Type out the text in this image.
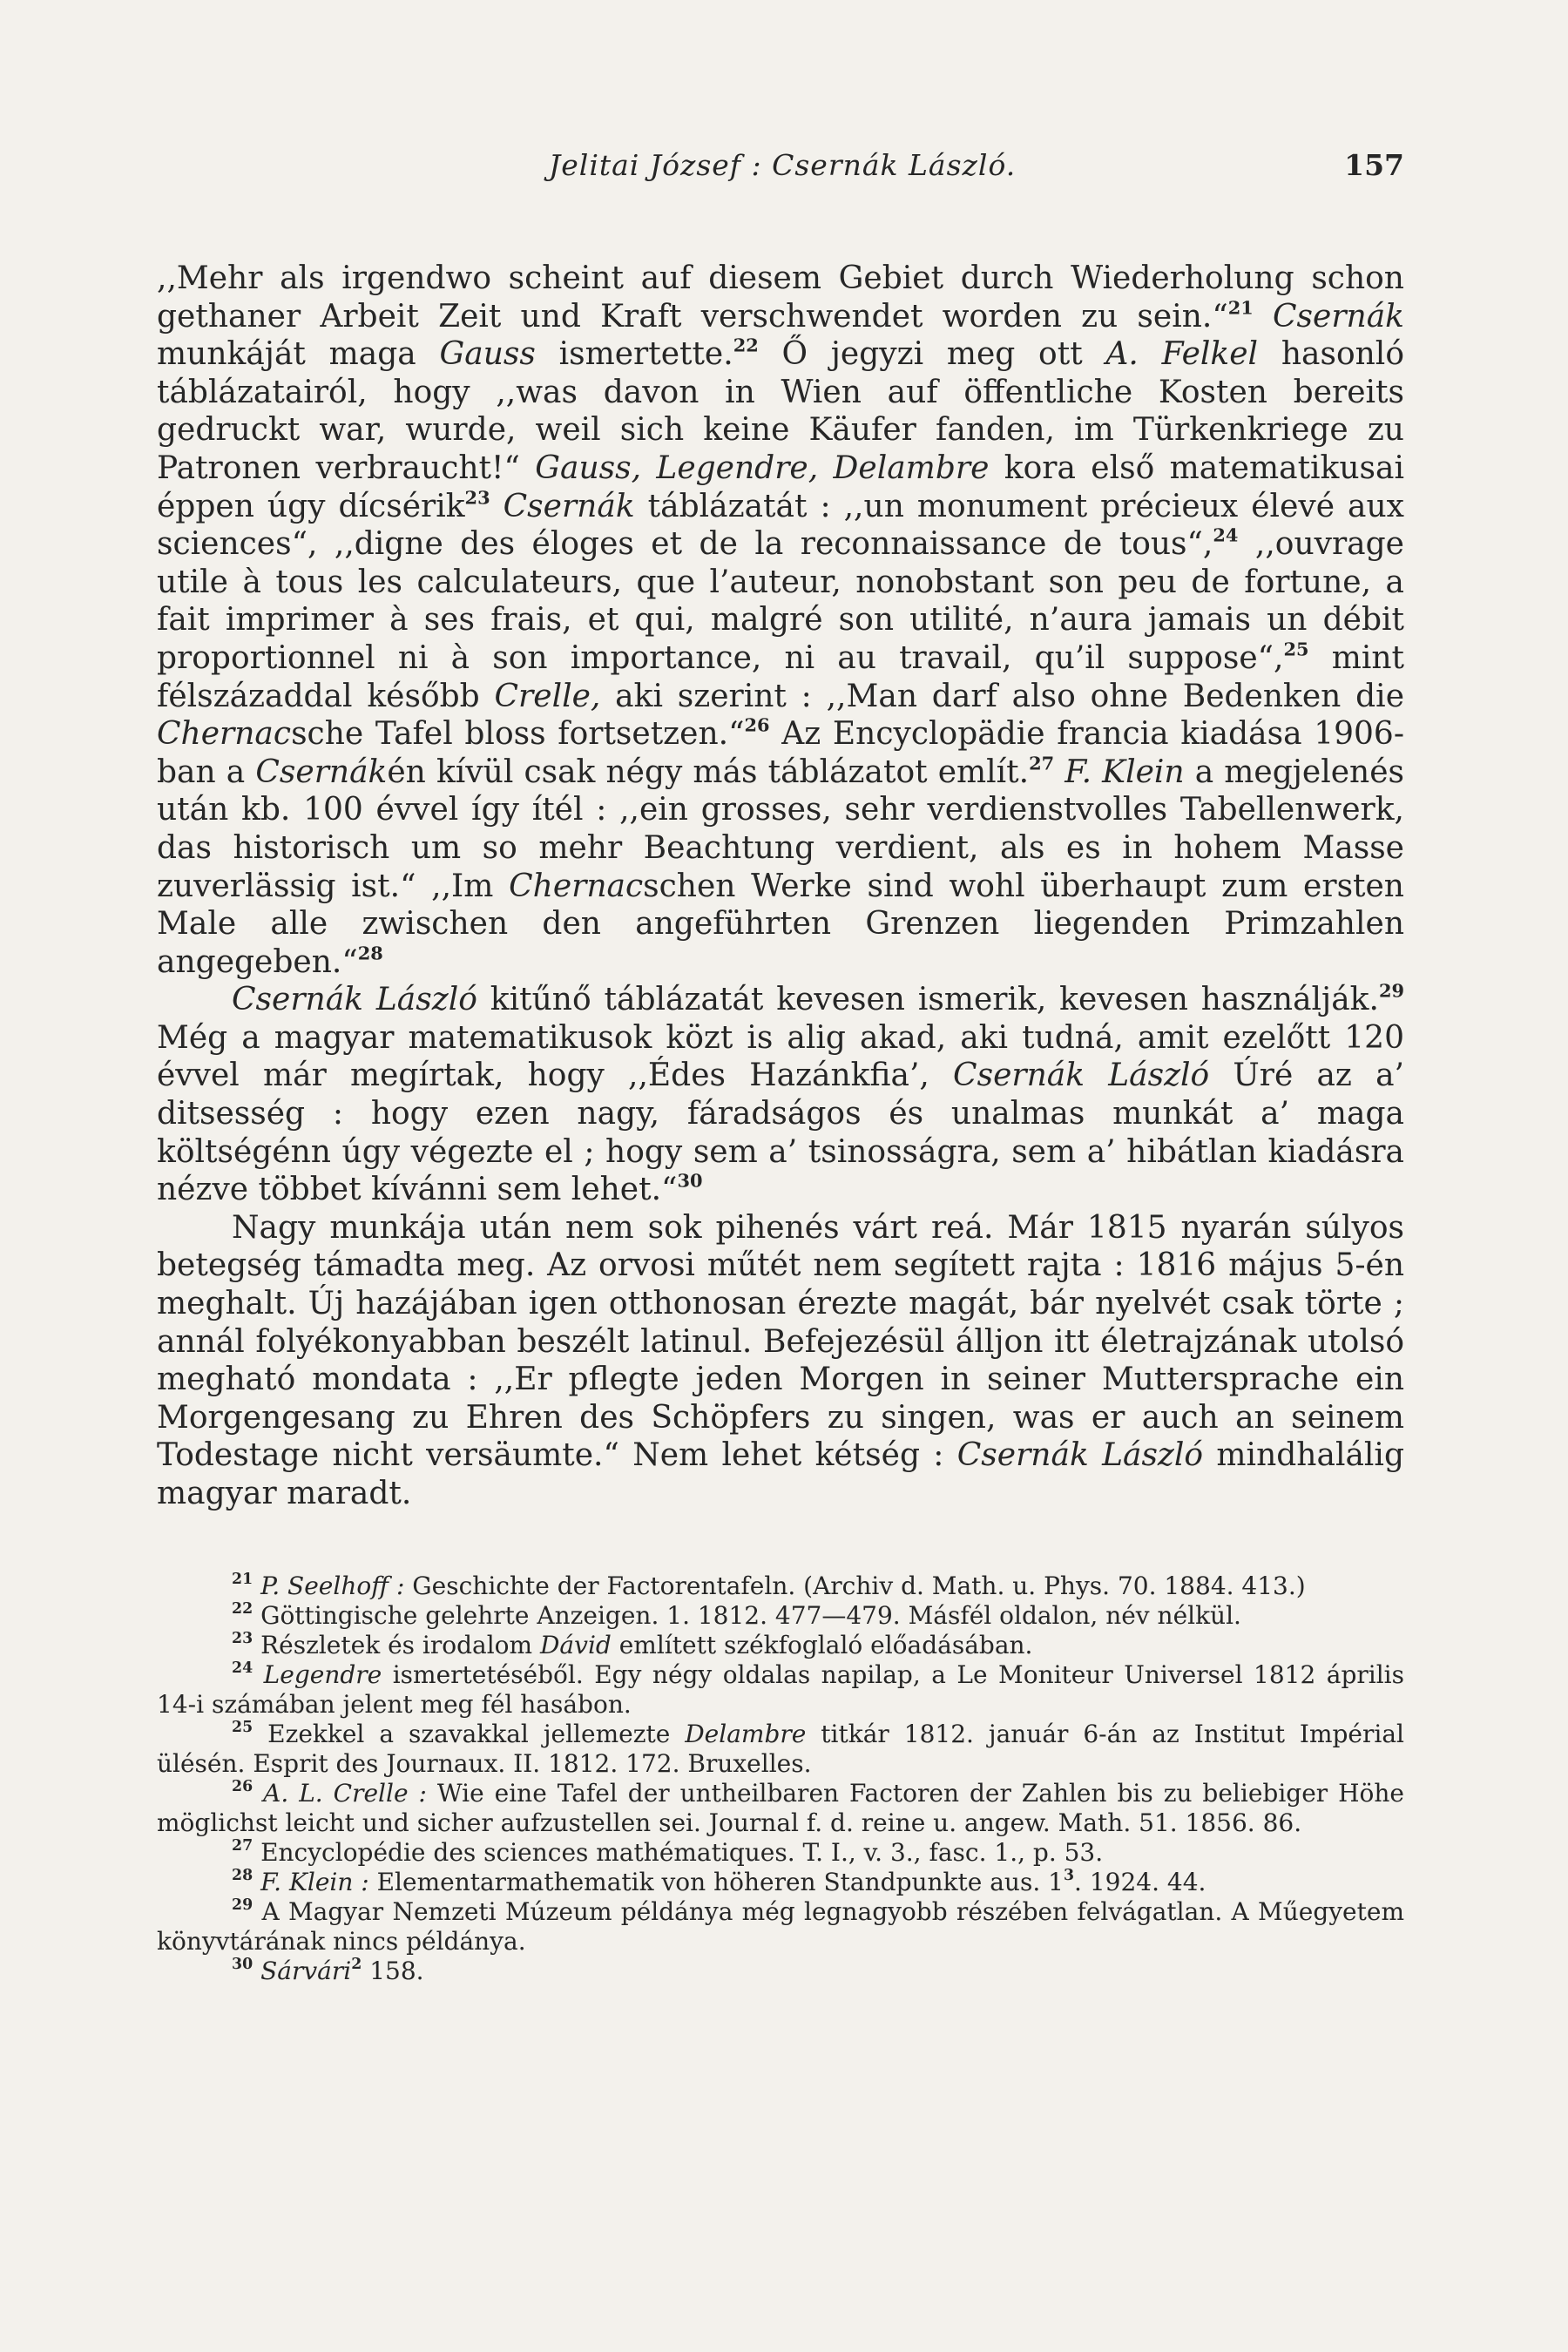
Jelitai József : Csernák László.	157

,,Mehr als irgendwo scheint auf diesem Gebiet durch Wiederholung schon gethaner Arbeit Zeit und Kraft verschwendet worden zu sein.“$^{21}$ Csernák munkáját maga Gauss ismertette.$^{22}$ Ő jegyzi meg ott A. Felkel hasonló táblázatairól, hogy ,,was davon in Wien auf öffentliche Kosten bereits gedruckt war, wurde, weil sich keine Käufer fanden, im Türkenkriege zu Patronen verbraucht!“ Gauss, Legendre, Delambre kora első matematikusai éppen úgy dícsérik$^{23}$ Csernák táblázatát : ,,un monument précieux élevé aux sciences“, ,,digne des éloges et de la reconnaissance de tous“,$^{24}$ ,,ouvrage utile à tous les calculateurs, que l’auteur, nonobstant son peu de fortune, a fait imprimer à ses frais, et qui, malgré son utilité, n’aura jamais un débit proportionnel ni à son importance, ni au travail, qu’il suppose“,$^{25}$ mint félszázaddal később Crelle, aki szerint : ,,Man darf also ohne Bedenken die Chernacsche Tafel bloss fortsetzen.“$^{26}$ Az Encyclopädie francia kiadása 1906-ban a Csernákén kívül csak négy más táblázatot említ.$^{27}$ F. Klein a megjelenés után kb. 100 évvel így ítél : ,,ein grosses, sehr verdienstvolles Tabellenwerk, das historisch um so mehr Beachtung verdient, als es in hohem Masse zuverlässig ist.“ ,,Im Chernacschen Werke sind wohl überhaupt zum ersten Male alle zwischen den angeführten Grenzen liegenden Primzahlen angegeben.“$^{28}$

Csernák László kitűnő táblázatát kevesen ismerik, kevesen használják.$^{29}$ Még a magyar matematikusok közt is alig akad, aki tudná, amit ezelőtt 120 évvel már megírtak, hogy ,,Édes Hazánkfia’, Csernák László Úré az a’ ditsesség : hogy ezen nagy, fáradságos és unalmas munkát a’ maga költségénn úgy végezte el ; hogy sem a’ tsinosságra, sem a’ hibátlan kiadásra nézve többet kívánni sem lehet.“$^{30}$

Nagy munkája után nem sok pihenés várt reá. Már 1815 nyarán súlyos betegség támadta meg. Az orvosi műtét nem segített rajta : 1816 május 5-én meghalt. Új hazájában igen otthonosan érezte magát, bár nyelvét csak törte ; annál folyékonyabban beszélt latinul. Befejezésül álljon itt életrajzának utolsó megható mondata : ,,Er pflegte jeden Morgen in seiner Muttersprache ein Morgengesang zu Ehren des Schöpfers zu singen, was er auch an seinem Todestage nicht versäumte.“ Nem lehet kétség : Csernák László mindhalálig magyar maradt.

$^{21}$ P. Seelhoff : Geschichte der Factorentafeln. (Archiv d. Math. u. Phys. 70. 1884. 413.)

$^{22}$ Göttingische gelehrte Anzeigen. 1. 1812. 477—479. Másfél oldalon, név nélkül.

$^{23}$ Részletek és irodalom Dávid említett székfoglaló előadásában.

$^{24}$ Legendre ismertetéséből. Egy négy oldalas napilap, a Le Moniteur Universel 1812 április 14-i számában jelent meg fél hasábon.

$^{25}$ Ezekkel a szavakkal jellemezte Delambre titkár 1812. január 6-án az Institut Impérial ülésén. Esprit des Journaux. II. 1812. 172. Bruxelles.

$^{26}$ A. L. Crelle : Wie eine Tafel der untheilbaren Factoren der Zahlen bis zu beliebiger Höhe möglichst leicht und sicher aufzustellen sei. Journal f. d. reine u. angew. Math. 51. 1856. 86.

$^{27}$ Encyclopédie des sciences mathématiques. T. I., v. 3., fasc. 1., p. 53.

$^{28}$ F. Klein : Elementarmathematik von höheren Standpunkte aus. $1^3$. 1924. 44.

$^{29}$ A Magyar Nemzeti Múzeum példánya még legnagyobb részében felvágatlan. A Műegyetem könyvtárának nincs példánya.

$^{30}$ Sárvári$^2$ 158.
